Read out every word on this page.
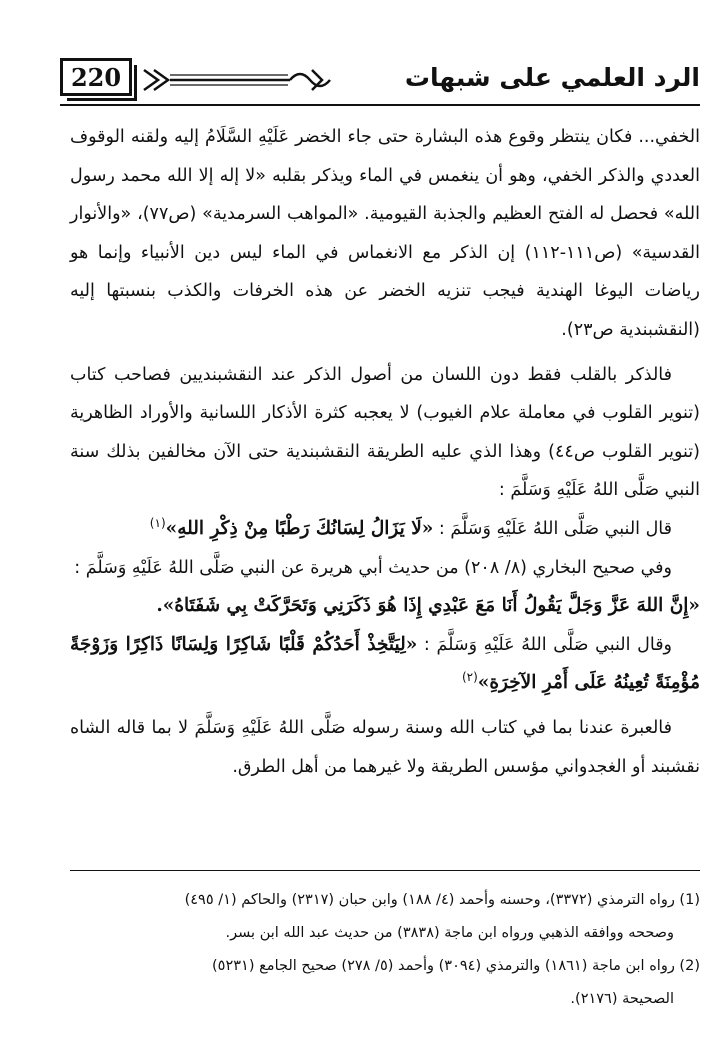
220	الرد العلمي على شبهات

الخفي... فكان ينتظر وقوع هذه البشارة حتى جاء الخضر عَلَيْهِ السَّلَامُ إليه ولقنه الوقوف العددي والذكر الخفي، وهو أن ينغمس في الماء ويذكر بقلبه «لا إله إلا الله محمد رسول الله» فحصل له الفتح العظيم والجذبة القيومية. «المواهب السرمدية» (ص٧٧)، «والأنوار القدسية» (ص١١١-١١٢) إن الذكر مع الانغماس في الماء ليس دين الأنبياء وإنما هو رياضات اليوغا الهندية فيجب تنزيه الخضر عن هذه الخرفات والكذب بنسبتها إليه (النقشبندية ص٢٣).

فالذكر بالقلب فقط دون اللسان من أصول الذكر عند النقشبنديين فصاحب كتاب (تنوير القلوب في معاملة علام الغيوب) لا يعجبه كثرة الأذكار اللسانية والأوراد الظاهرية (تنوير القلوب ص٤٤) وهذا الذي عليه الطريقة النقشبندية حتى الآن مخالفين بذلك سنة النبي صَلَّى اللهُ عَلَيْهِ وَسَلَّمَ :

قال النبي صَلَّى اللهُ عَلَيْهِ وَسَلَّمَ : «لَا يَزَالُ لِسَانُكَ رَطْبًا مِنْ ذِكْرِ اللهِ»$^{(١)}$

وفي صحيح البخاري (٨/ ٢٠٨) من حديث أبي هريرة عن النبي صَلَّى اللهُ عَلَيْهِ وَسَلَّمَ :
«إِنَّ اللهَ عَزَّ وَجَلَّ يَقُولُ أَنَا مَعَ عَبْدِي إِذَا هُوَ ذَكَرَنِي وَتَحَرَّكَتْ بِي شَفَتَاهُ».

وقال النبي صَلَّى اللهُ عَلَيْهِ وَسَلَّمَ : «لِيَتَّخِذْ أَحَدُكُمْ قَلْبًا شَاكِرًا وَلِسَانًا ذَاكِرًا وَزَوْجَةً مُؤْمِنَةً تُعِينُهُ عَلَى أَمْرِ الآخِرَةِ»$^{(٢)}$

فالعبرة عندنا بما في كتاب الله وسنة رسوله صَلَّى اللهُ عَلَيْهِ وَسَلَّمَ لا بما قاله الشاه نقشبند أو الغجدواني مؤسس الطريقة ولا غيرهما من أهل الطرق.

(1) رواه الترمذي (٣٣٧٢)، وحسنه وأحمد (٤/ ١٨٨) وابن حبان (٢٣١٧) والحاكم (١/ ٤٩٥)

وصححه ووافقه الذهبي ورواه ابن ماجة (٣٨٣٨) من حديث عبد الله ابن بسر.

(2) رواه ابن ماجة (١٨٦١) والترمذي (٣٠٩٤) وأحمد (٥/ ٢٧٨) صحيح الجامع (٥٢٣١)

الصحيحة (٢١٧٦).
